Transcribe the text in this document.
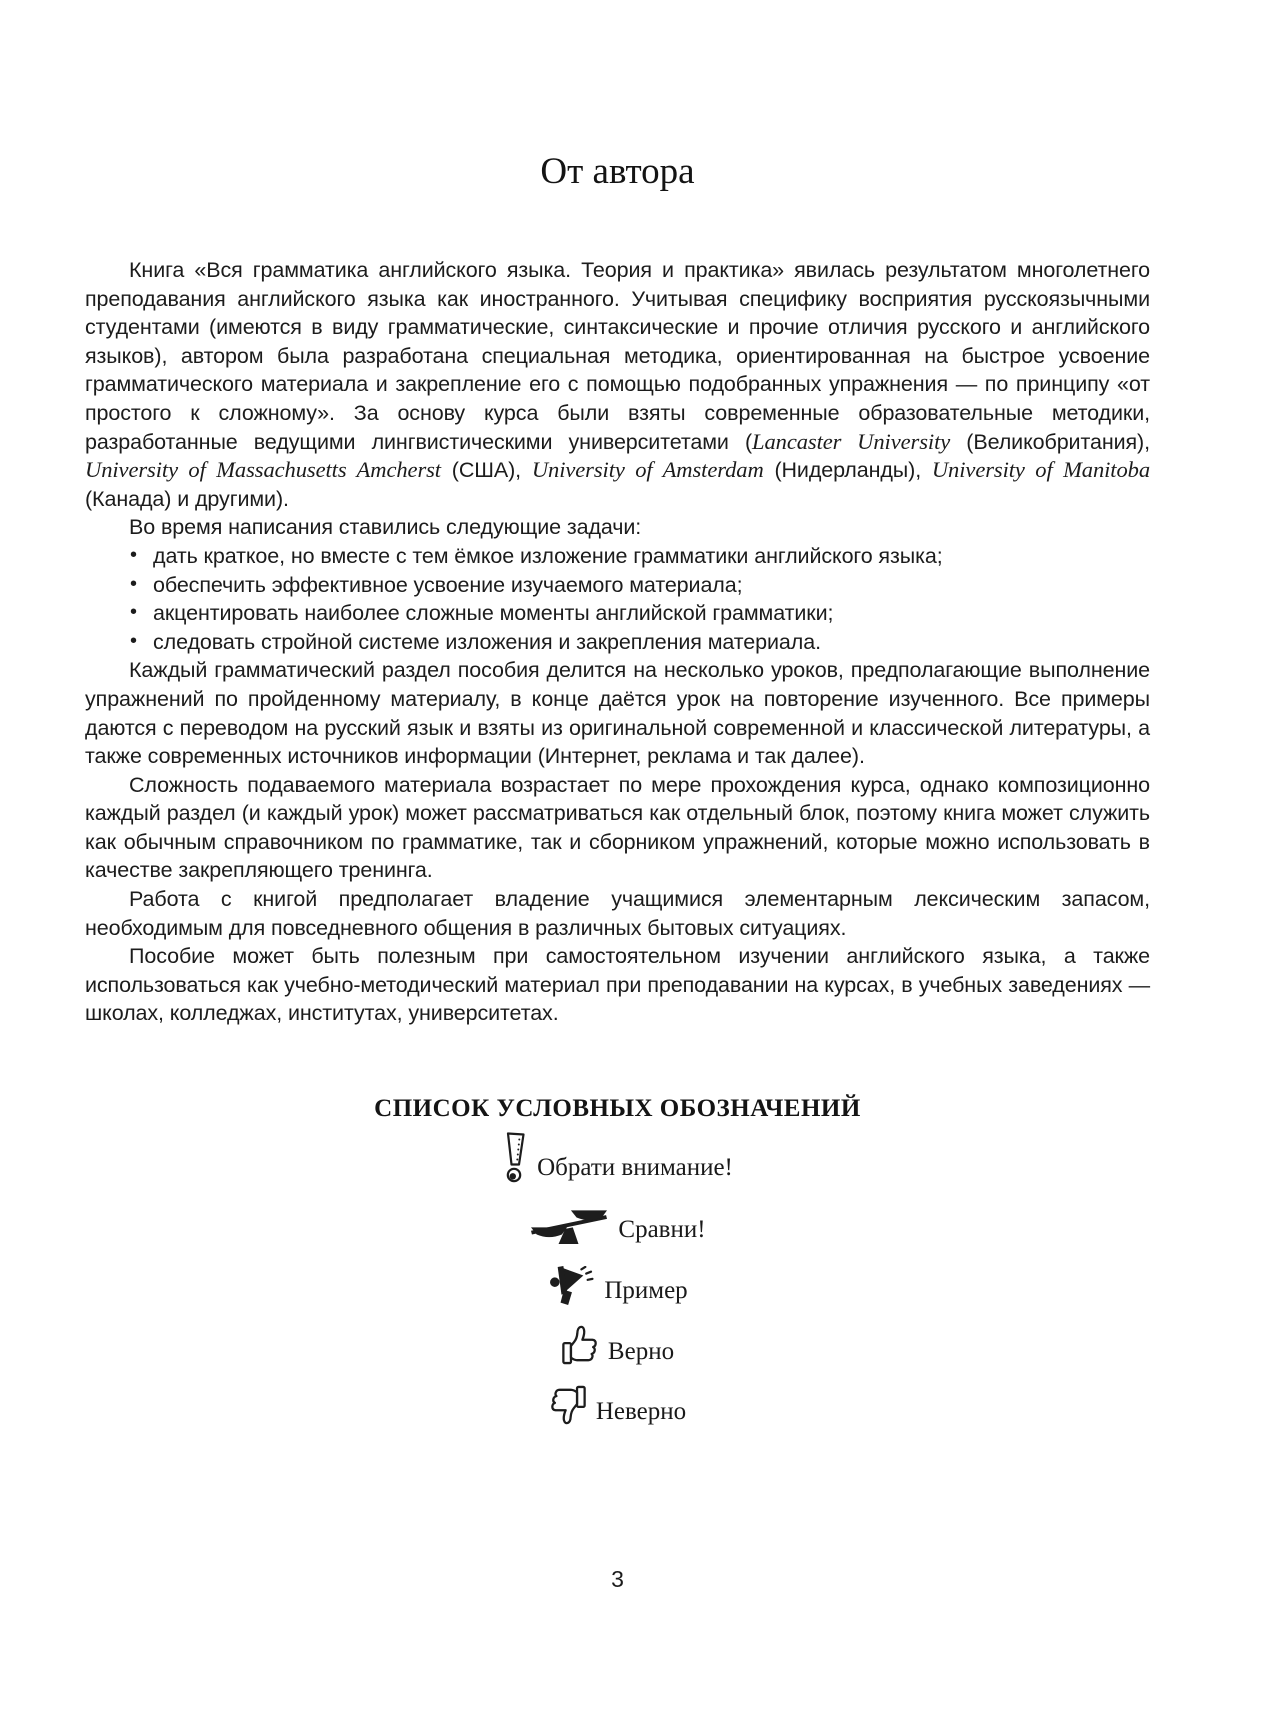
От автора

Книга «Вся грамматика английского языка. Теория и практика» явилась результатом многолетнего преподавания английского языка как иностранного. Учитывая специфику восприятия русскоязычными студентами (имеются в виду грамматические, синтаксические и прочие отличия русского и английского языков), автором была разработана специальная методика, ориентированная на быстрое усвоение грамматического материала и закрепление его с помощью подобранных упражнения — по принципу «от простого к сложному». За основу курса были взяты современные образовательные методики, разработанные ведущими лингвистическими университетами (Lancaster University (Великобритания), University of Massachusetts Amcherst (США), University of Amsterdam (Нидерланды), University of Manitoba (Канада) и другими).

Во время написания ставились следующие задачи:

• дать краткое, но вместе с тем ёмкое изложение грамматики английского языка;
• обеспечить эффективное усвоение изучаемого материала;
• акцентировать наиболее сложные моменты английской грамматики;
• следовать стройной системе изложения и закрепления материала.

Каждый грамматический раздел пособия делится на несколько уроков, предполагающие выполнение упражнений по пройденному материалу, в конце даётся урок на повторение изученного. Все примеры даются с переводом на русский язык и взяты из оригинальной современной и классической литературы, а также современных источников информации (Интернет, реклама и так далее).

Сложность подаваемого материала возрастает по мере прохождения курса, однако композиционно каждый раздел (и каждый урок) может рассматриваться как отдельный блок, поэтому книга может служить как обычным справочником по грамматике, так и сборником упражнений, которые можно использовать в качестве закрепляющего тренинга.

Работа с книгой предполагает владение учащимися элементарным лексическим запасом, необходимым для повседневного общения в различных бытовых ситуациях.

Пособие может быть полезным при самостоятельном изучении английского языка, а также использоваться как учебно-методический материал при преподавании на курсах, в учебных заведениях — школах, колледжах, институтах, университетах.

СПИСОК УСЛОВНЫХ ОБОЗНАЧЕНИЙ
Обрати внимание!
Сравни!
Пример
Верно
Неверно
3
